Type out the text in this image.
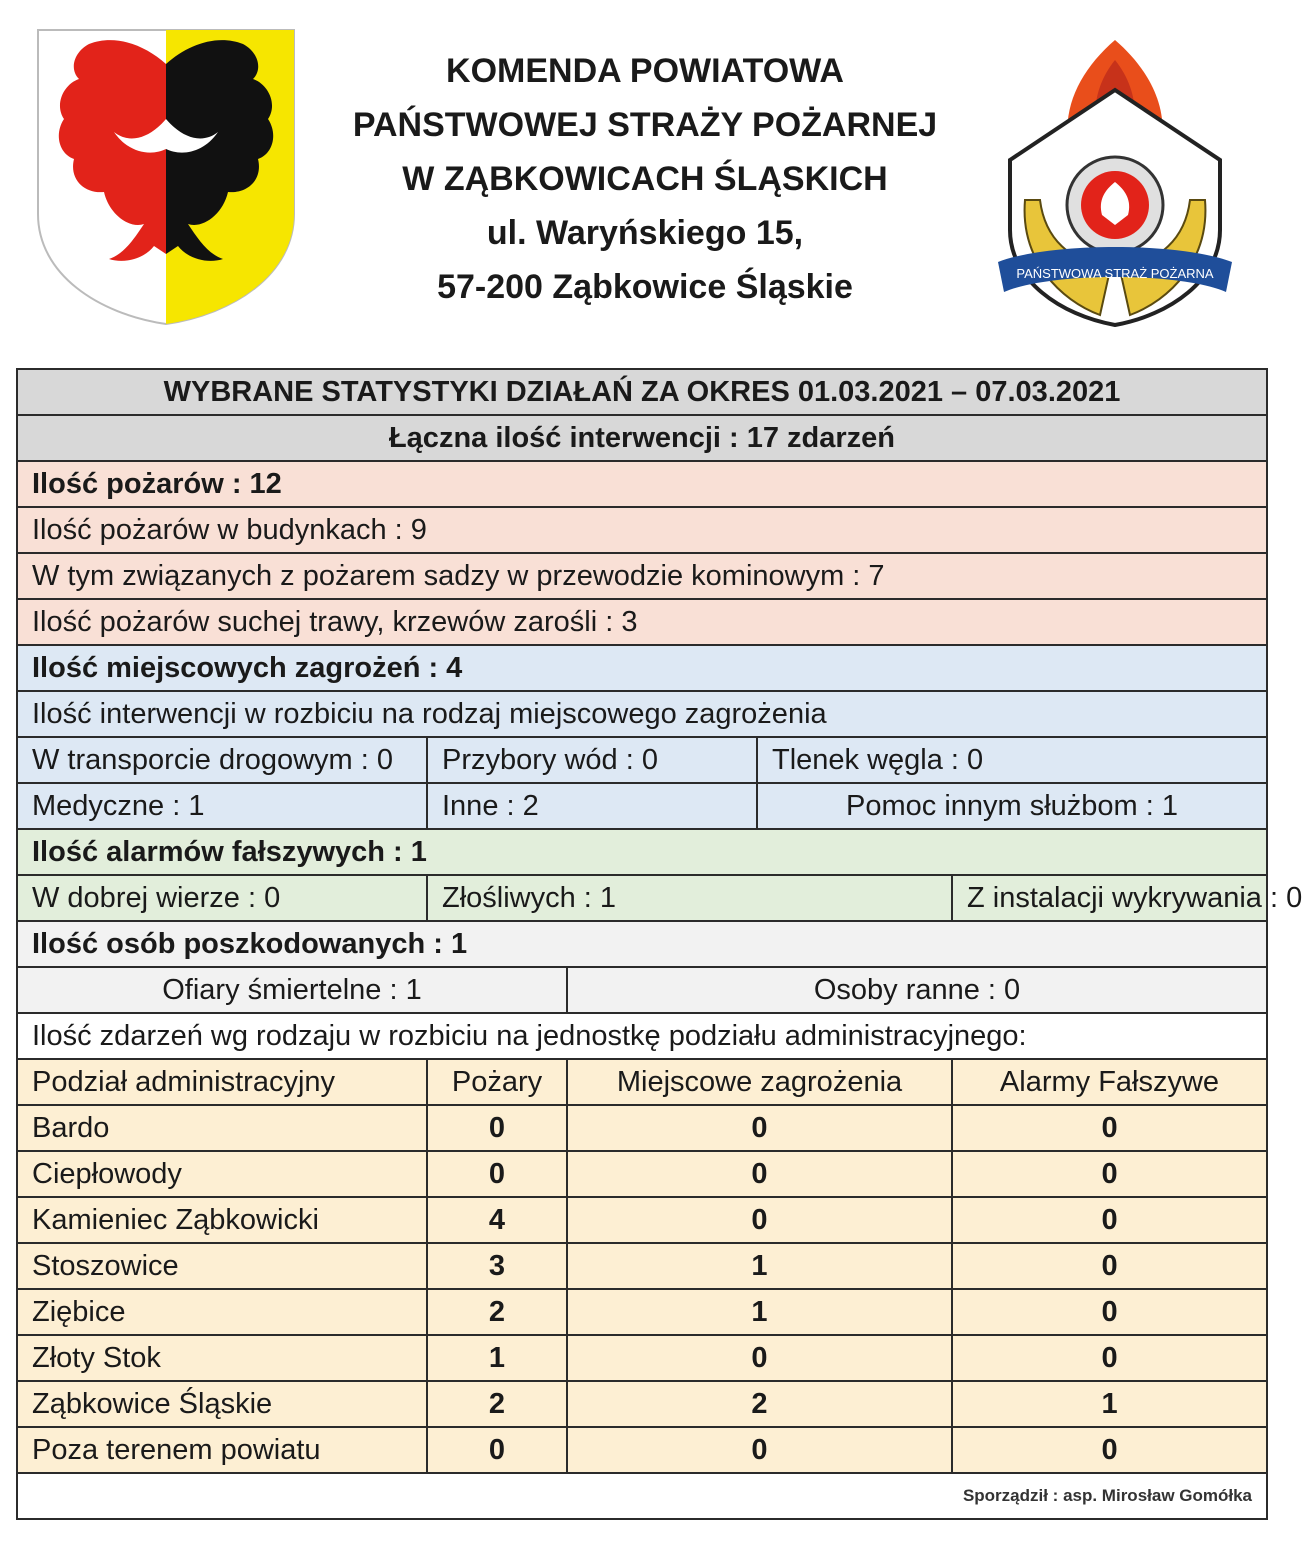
KOMENDA POWIATOWA
PAŃSTWOWEJ STRAŻY POŻARNEJ
W ZĄBKOWICACH ŚLĄSKICH
ul. Waryńskiego 15,
57-200 Ząbkowice Śląskie	PAŃSTWOWA STRAŻ POŻARNA
WYBRANE STATYSTYKI DZIAŁAŃ ZA OKRES 01.03.2021 – 07.03.2021				
Łączna ilość interwencji : 17 zdarzeń				
Ilość pożarów : 12				
Ilość pożarów w budynkach : 9				
W tym związanych z pożarem sadzy w przewodzie kominowym : 7				
Ilość pożarów suchej trawy, krzewów zarośli : 3				
Ilość miejscowych zagrożeń : 4				
Ilość interwencji w rozbiciu na rodzaj miejscowego zagrożenia				
W transporcie drogowym : 0	Przybory wód : 0		Tlenek węgla : 0	
Medyczne : 1	Inne : 2		Pomoc innym służbom : 1	
Ilość alarmów fałszywych : 1				
W dobrej wierze : 0	Złośliwych : 1			Z instalacji wykrywania : 0
Ilość osób poszkodowanych : 1				
Ofiary śmiertelne : 1		Osoby ranne : 0		
Ilość zdarzeń wg rodzaju w rozbiciu na jednostkę podziału administracyjnego:				
Podział administracyjny	Pożary	Miejscowe zagrożenia		Alarmy Fałszywe
Bardo	0	0		0
Ciepłowody	0	0		0
Kamieniec Ząbkowicki	4	0		0
Stoszowice	3	1		0
Ziębice	2	1		0
Złoty Stok	1	0		0
Ząbkowice Śląskie	2	2		1
Poza terenem powiatu	0	0		0
Sporządził : asp. Mirosław Gomółka				
